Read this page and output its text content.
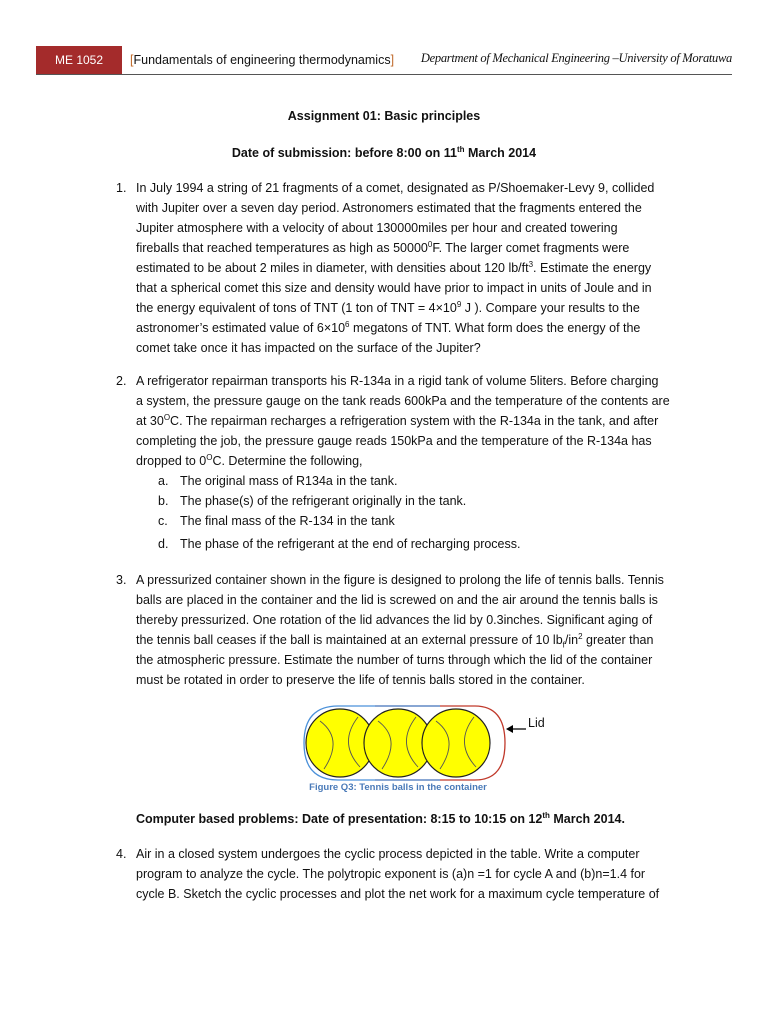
ME 1052	[Fundamentals of engineering thermodynamics] Department of Mechanical Engineering –University of Moratuwa
Assignment 01: Basic principles
Date of submission: before 8:00 on 11th March 2014
1. In July 1994 a string of 21 fragments of a comet, designated as P/Shoemaker-Levy 9, collided
with Jupiter over a seven day period. Astronomers estimated that the fragments entered the
Jupiter atmosphere with a velocity of about 130000miles per hour and created towering
fireballs that reached temperatures as high as 50000$^0$F. The larger comet fragments were
estimated to be about 2 miles in diameter, with densities about 120 $lb/ft^3$. Estimate the energy
that a spherical comet this size and density would have prior to impact in units of Joule and in
the energy equivalent of tons of TNT (1 ton of TNT = $4\times 10^9$ J ). Compare your results to the
astronomer’s estimated value of $6\times 10^6$ megatons of TNT. What form does the energy of the
comet take once it has impacted on the surface of the Jupiter?
2. A refrigerator repairman transports his R-134a in a rigid tank of volume 5liters. Before charging
a system, the pressure gauge on the tank reads 600kPa and the temperature of the contents are
at $30^OC$. The repairman recharges a refrigeration system with the R-134a in the tank, and after
completing the job, the pressure gauge reads 150kPa and the temperature of the R-134a has
dropped to $0^OC$. Determine the following,
a. The original mass of R134a in the tank.
b. The phase(s) of the refrigerant originally in the tank.
c. The final mass of the R-134 in the tank
d. The phase of the refrigerant at the end of recharging process.
3. A pressurized container shown in the figure is designed to prolong the life of tennis balls. Tennis
balls are placed in the container and the lid is screwed on and the air around the tennis balls is
thereby pressurized. One rotation of the lid advances the lid by 0.3inches. Significant aging of
the tennis ball ceases if the ball is maintained at an external pressure of 10 $lb_f/in^2$ greater than
the atmospheric pressure. Estimate the number of turns through which the lid of the container
must be rotated in order to preserve the life of tennis balls stored in the container.
Lid
Figure Q3: Tennis balls in the container
Computer based problems: Date of presentation: 8:15 to 10:15 on 12th March 2014.
4. Air in a closed system undergoes the cyclic process depicted in the table. Write a computer
program to analyze the cycle. The polytropic exponent is (a)n =1 for cycle A and (b)n=1.4 for
cycle B. Sketch the cyclic processes and plot the net work for a maximum cycle temperature of
